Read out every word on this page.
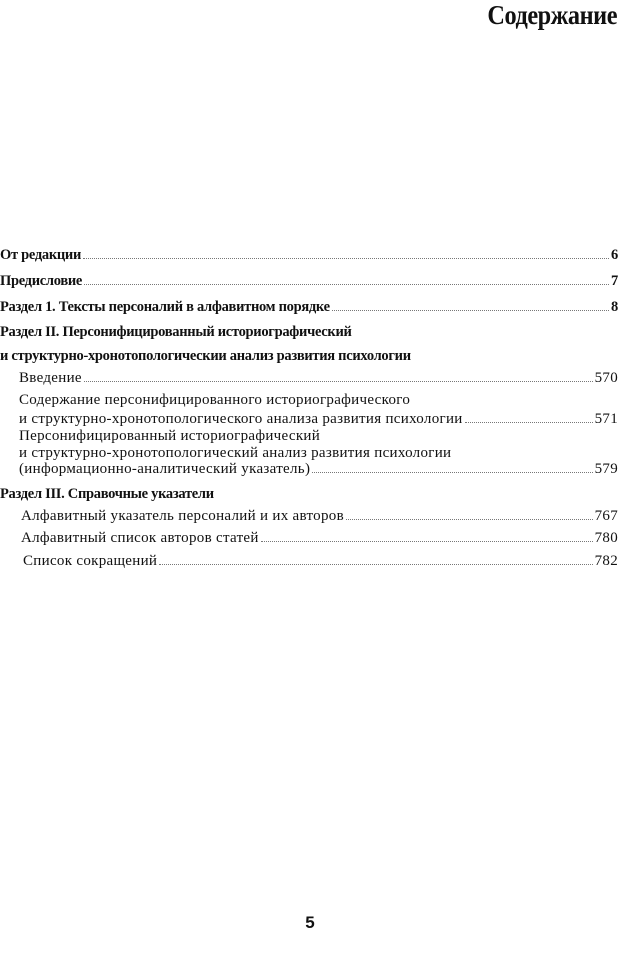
Содержание
От редакции	6
Предисловие	7
Раздел 1. Тексты персоналий в алфавитном порядке	8
Раздел II. Персонифицированный историографический
и структурно-хронотопологическии анализ развития психологии
Введение	570
Содержание персонифицированного историографического
и структурно-хронотопологического анализа развития психологии	571
Персонифицированный историографический
и структурно-хронотопологический анализ развития психологии
(информационно-аналитический указатель)	579
Раздел III. Справочные указатели
Алфавитный указатель персоналий и их авторов	767
Алфавитный список авторов статей	780
Список сокращений	782
5
